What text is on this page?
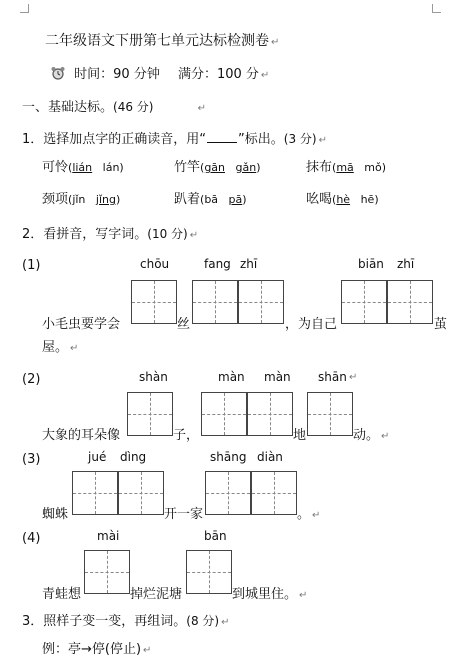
二年级语文下册第七单元达标检测卷 ↵
时间：90 分钟 满分：100 分 ↵
一、基础达标。(46 分)	↵
1．选择加点字的正确读音，用“ ”标出。(3 分) ↵
可怜(lián lán)	竹竿(gān gǎn)	抹布(mā mǒ)
颈项(jǐn jǐng)	趴着(bā pā)	吆喝(hè hē)
2．看拼音，写字词。(10 分) ↵
(1)	chōu	fang zhī	biān zhī
小毛虫要学会	丝	，为自己	茧
屋。 ↵
(2)	shàn	màn màn shān ↵
大象的耳朵像	子，	地	动。 ↵
(3)	jué dìng	shāng diàn
蜘蛛	开一家	。 ↵
(4)	mài	bān
青蛙想	掉烂泥塘	到城里住。 ↵
3．照样子变一变，再组词。(8 分) ↵
例：亭→停(停止) ↵
